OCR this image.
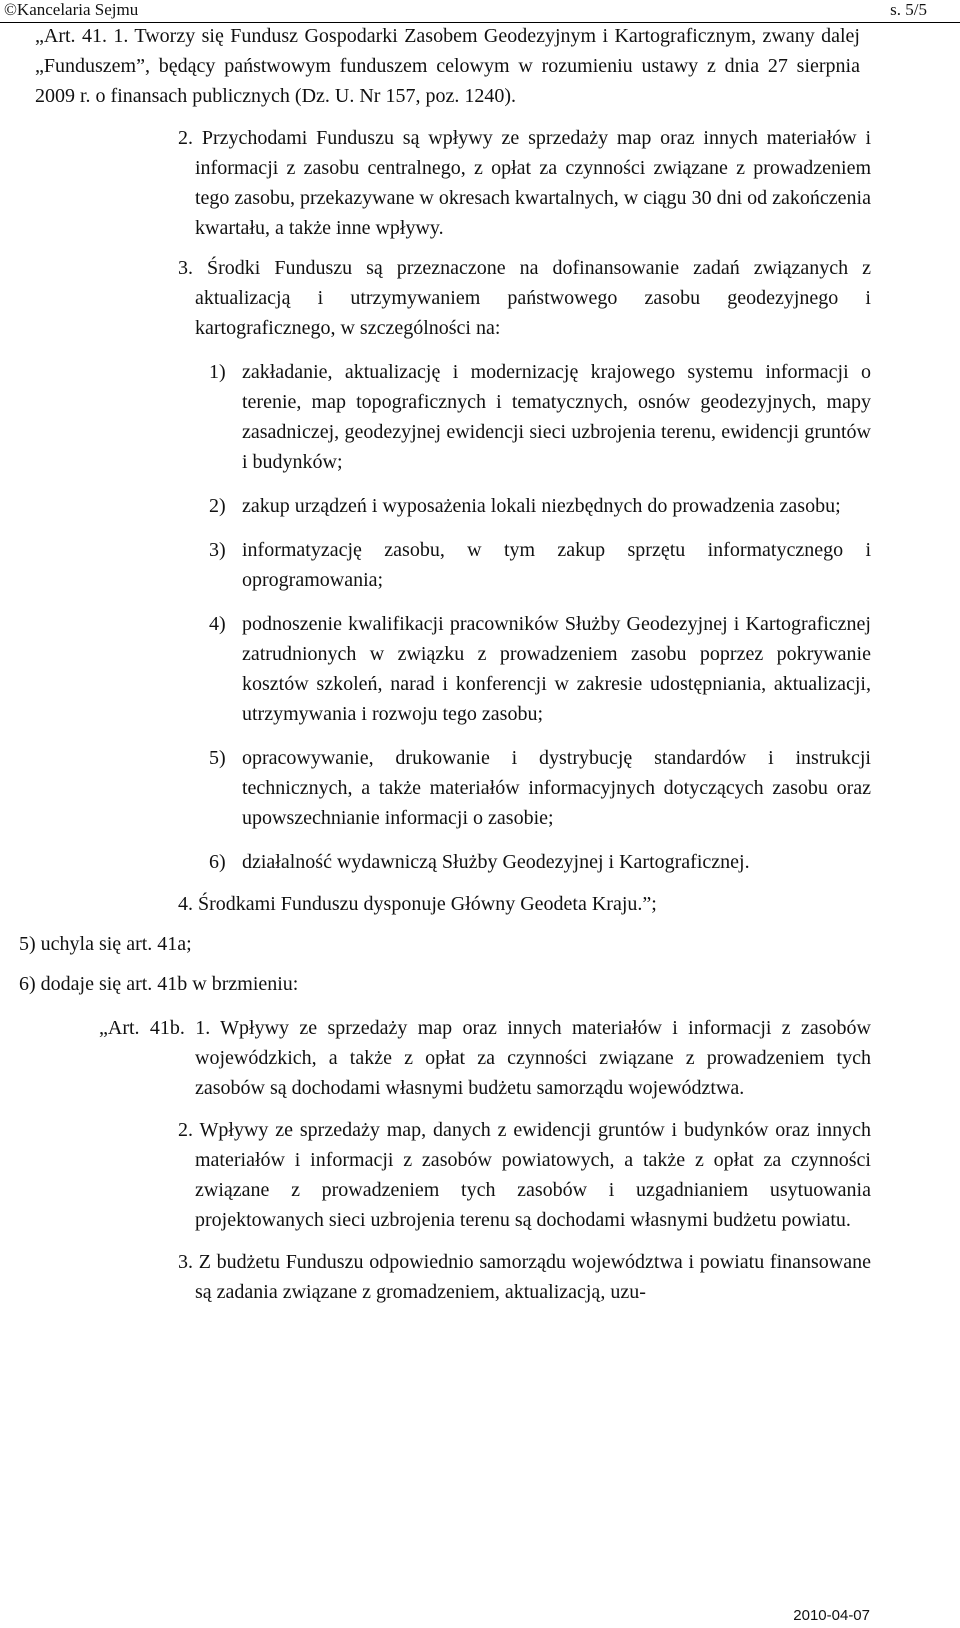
©Kancelaria Sejmu	s. 5/5

„Art. 41. 1. Tworzy się Fundusz Gospodarki Zasobem Geodezyjnym i Kartograficznym, zwany dalej „Funduszem”, będący państwowym funduszem celowym w rozumieniu ustawy z dnia 27 sierpnia 2009 r. o finansach publicznych (Dz. U. Nr 157, poz. 1240).

2. Przychodami Funduszu są wpływy ze sprzedaży map oraz innych materiałów i informacji z zasobu centralnego, z opłat za czynności związane z prowadzeniem tego zasobu, przekazywane w okresach kwartalnych, w ciągu 30 dni od zakończenia kwartału, a także inne wpływy.

3. Środki Funduszu są przeznaczone na dofinansowanie zadań związanych z aktualizacją i utrzymywaniem państwowego zasobu geodezyjnego i kartograficznego, w szczególności na:

1) zakładanie, aktualizację i modernizację krajowego systemu informacji o terenie, map topograficznych i tematycznych, osnów geodezyjnych, mapy zasadniczej, geodezyjnej ewidencji sieci uzbrojenia terenu, ewidencji gruntów i budynków;
2) zakup urządzeń i wyposażenia lokali niezbędnych do prowadzenia zasobu;
3) informatyzację zasobu, w tym zakup sprzętu informatycznego i oprogramowania;
4) podnoszenie kwalifikacji pracowników Służby Geodezyjnej i Kartograficznej zatrudnionych w związku z prowadzeniem zasobu poprzez pokrywanie kosztów szkoleń, narad i konferencji w zakresie udostępniania, aktualizacji, utrzymywania i rozwoju tego zasobu;
5) opracowywanie, drukowanie i dystrybucję standardów i instrukcji technicznych, a także materiałów informacyjnych dotyczących zasobu oraz upowszechnianie informacji o zasobie;
6) działalność wydawniczą Służby Geodezyjnej i Kartograficznej.

4. Środkami Funduszu dysponuje Główny Geodeta Kraju.”;

5) uchyla się art. 41a;

6) dodaje się art. 41b w brzmieniu:

„Art. 41b. 1. Wpływy ze sprzedaży map oraz innych materiałów i informacji z zasobów wojewódzkich, a także z opłat za czynności związane z prowadzeniem tych zasobów są dochodami własnymi budżetu samorządu województwa.

2. Wpływy ze sprzedaży map, danych z ewidencji gruntów i budynków oraz innych materiałów i informacji z zasobów powiatowych, a także z opłat za czynności związane z prowadzeniem tych zasobów i uzgadnianiem usytuowania projektowanych sieci uzbrojenia terenu są dochodami własnymi budżetu powiatu.

3. Z budżetu Funduszu odpowiednio samorządu województwa i powiatu finansowane są zadania związane z gromadzeniem, aktualizacją, uzu-

2010-04-07
